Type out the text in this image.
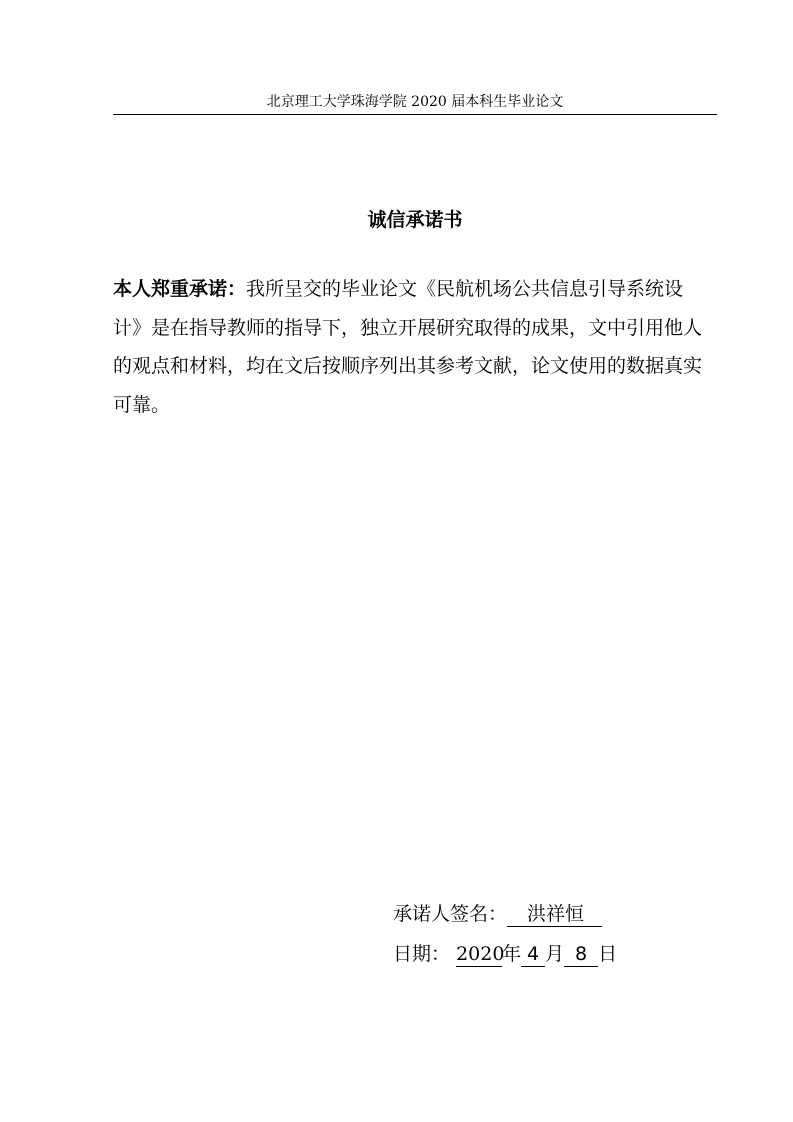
北京理工大学珠海学院 2020 届本科生毕业论文
诚信承诺书

本人郑重承诺：我所呈交的毕业论文《民航机场公共信息引导系统设计》是在指导教师的指导下，独立开展研究取得的成果，文中引用他人的观点和材料，均在文后按顺序列出其参考文献，论文使用的数据真实可靠。

承诺人签名： 洪祥恒
日期： 2020年 4 月 8 日
